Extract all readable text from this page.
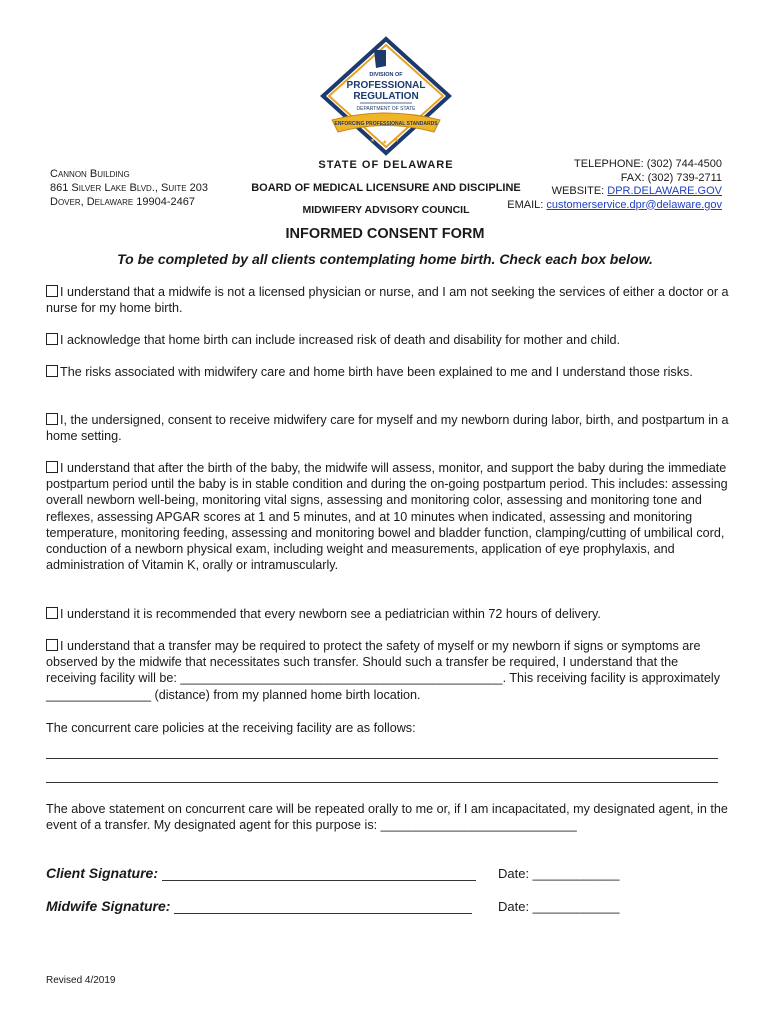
DIVISION OF
PROFESSIONAL
REGULATION
DEPARTMENT OF STATE
ENFORCING PROFESSIONAL STANDARDS
★ ★ ★
Cannon Building
861 Silver Lake Blvd., Suite 203
Dover, Delaware 19904-2467
STATE OF DELAWARE
BOARD OF MEDICAL LICENSURE AND DISCIPLINE
MIDWIFERY ADVISORY COUNCIL
TELEPHONE: (302) 744-4500
FAX: (302) 739-2711
WEBSITE: DPR.DELAWARE.GOV
EMAIL: customerservice.dpr@delaware.gov
INFORMED CONSENT FORM
To be completed by all clients contemplating home birth. Check each box below.
I understand that a midwife is not a licensed physician or nurse, and I am not seeking the services of either a doctor or a nurse for my home birth.
I acknowledge that home birth can include increased risk of death and disability for mother and child.
The risks associated with midwifery care and home birth have been explained to me and I understand those risks.
I, the undersigned, consent to receive midwifery care for myself and my newborn during labor, birth, and postpartum in a home setting.
I understand that after the birth of the baby, the midwife will assess, monitor, and support the baby during the immediate postpartum period until the baby is in stable condition and during the on-going postpartum period. This includes: assessing overall newborn well-being, monitoring vital signs, assessing and monitoring color, assessing and monitoring tone and reflexes, assessing APGAR scores at 1 and 5 minutes, and at 10 minutes when indicated, assessing and monitoring temperature, monitoring feeding, assessing and monitoring bowel and bladder function, clamping/cutting of umbilical cord, conduction of a newborn physical exam, including weight and measurements, application of eye prophylaxis, and administration of Vitamin K, orally or intramuscularly.
I understand it is recommended that every newborn see a pediatrician within 72 hours of delivery.
I understand that a transfer may be required to protect the safety of myself or my newborn if signs or symptoms are observed by the midwife that necessitates such transfer. Should such a transfer be required, I understand that the receiving facility will be: ______________________________________________. This receiving facility is approximately _______________ (distance) from my planned home birth location.
The concurrent care policies at the receiving facility are as follows:
The above statement on concurrent care will be repeated orally to me or, if I am incapacitated, my designated agent, in the event of a transfer. My designated agent for this purpose is: ____________________________
Client Signature:	Date: ____________
Midwife Signature:	Date: ____________
Revised 4/2019
